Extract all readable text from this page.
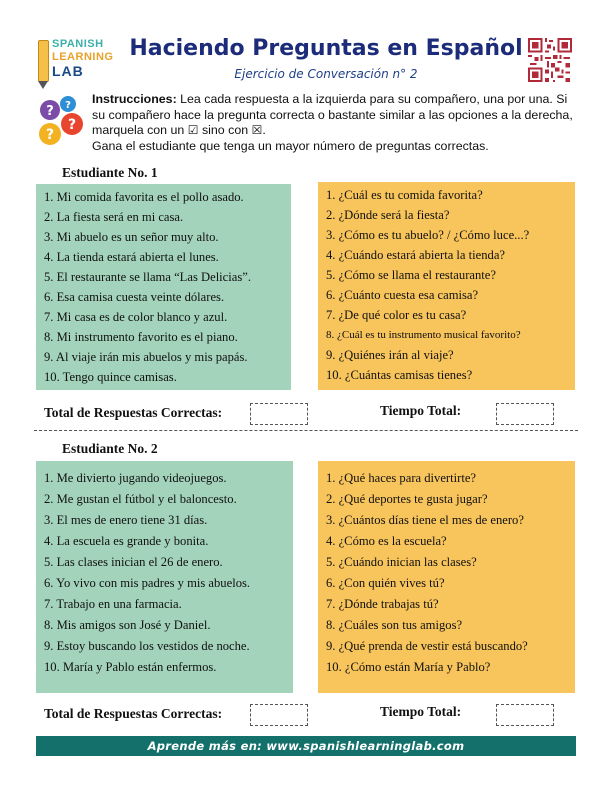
SPANISH
LEARNING
LAB
Haciendo Preguntas en Español
Ejercicio de Conversación n° 2
? ?
?
?
Instrucciones: Lea cada respuesta a la izquierda para su compañero, una por una. Si su compañero hace la pregunta correcta o bastante similar a las opciones a la derecha, marquela con un ☑ sino con ☒.
Gana el estudiante que tenga un mayor número de preguntas correctas.
Estudiante No. 1
1. Mi comida favorita es el pollo asado.
2. La fiesta será en mi casa.
3. Mi abuelo es un señor muy alto.
4. La tienda estará abierta el lunes.
5. El restaurante se llama “Las Delicias”.
6. Esa camisa cuesta veinte dólares.
7. Mi casa es de color blanco y azul.
8. Mi instrumento favorito es el piano.
9. Al viaje irán mis abuelos y mis papás.
10. Tengo quince camisas.
1. ¿Cuál es tu comida favorita?
2. ¿Dónde será la fiesta?
3. ¿Cómo es tu abuelo? / ¿Cómo luce...?
4. ¿Cuándo estará abierta la tienda?
5. ¿Cómo se llama el restaurante?
6. ¿Cuánto cuesta esa camisa?
7. ¿De qué color es tu casa?
8. ¿Cuál es tu instrumento musical favorito?
9. ¿Quiénes irán al viaje?
10. ¿Cuántas camisas tienes?
Total de Respuestas Correctas:	Tiempo Total:
Estudiante No. 2
1. Me divierto jugando videojuegos.
2. Me gustan el fútbol y el baloncesto.
3. El mes de enero tiene 31 días.
4. La escuela es grande y bonita.
5. Las clases inician el 26 de enero.
6. Yo vivo con mis padres y mis abuelos.
7. Trabajo en una farmacia.
8. Mis amigos son José y Daniel.
9. Estoy buscando los vestidos de noche.
10. María y Pablo están enfermos.
1. ¿Qué haces para divertirte?
2. ¿Qué deportes te gusta jugar?
3. ¿Cuántos días tiene el mes de enero?
4. ¿Cómo es la escuela?
5. ¿Cuándo inician las clases?
6. ¿Con quién vives tú?
7. ¿Dónde trabajas tú?
8. ¿Cuáles son tus amigos?
9. ¿Qué prenda de vestir está buscando?
10. ¿Cómo están María y Pablo?
Total de Respuestas Correctas:	Tiempo Total:
Aprende más en: www.spanishlearninglab.com
